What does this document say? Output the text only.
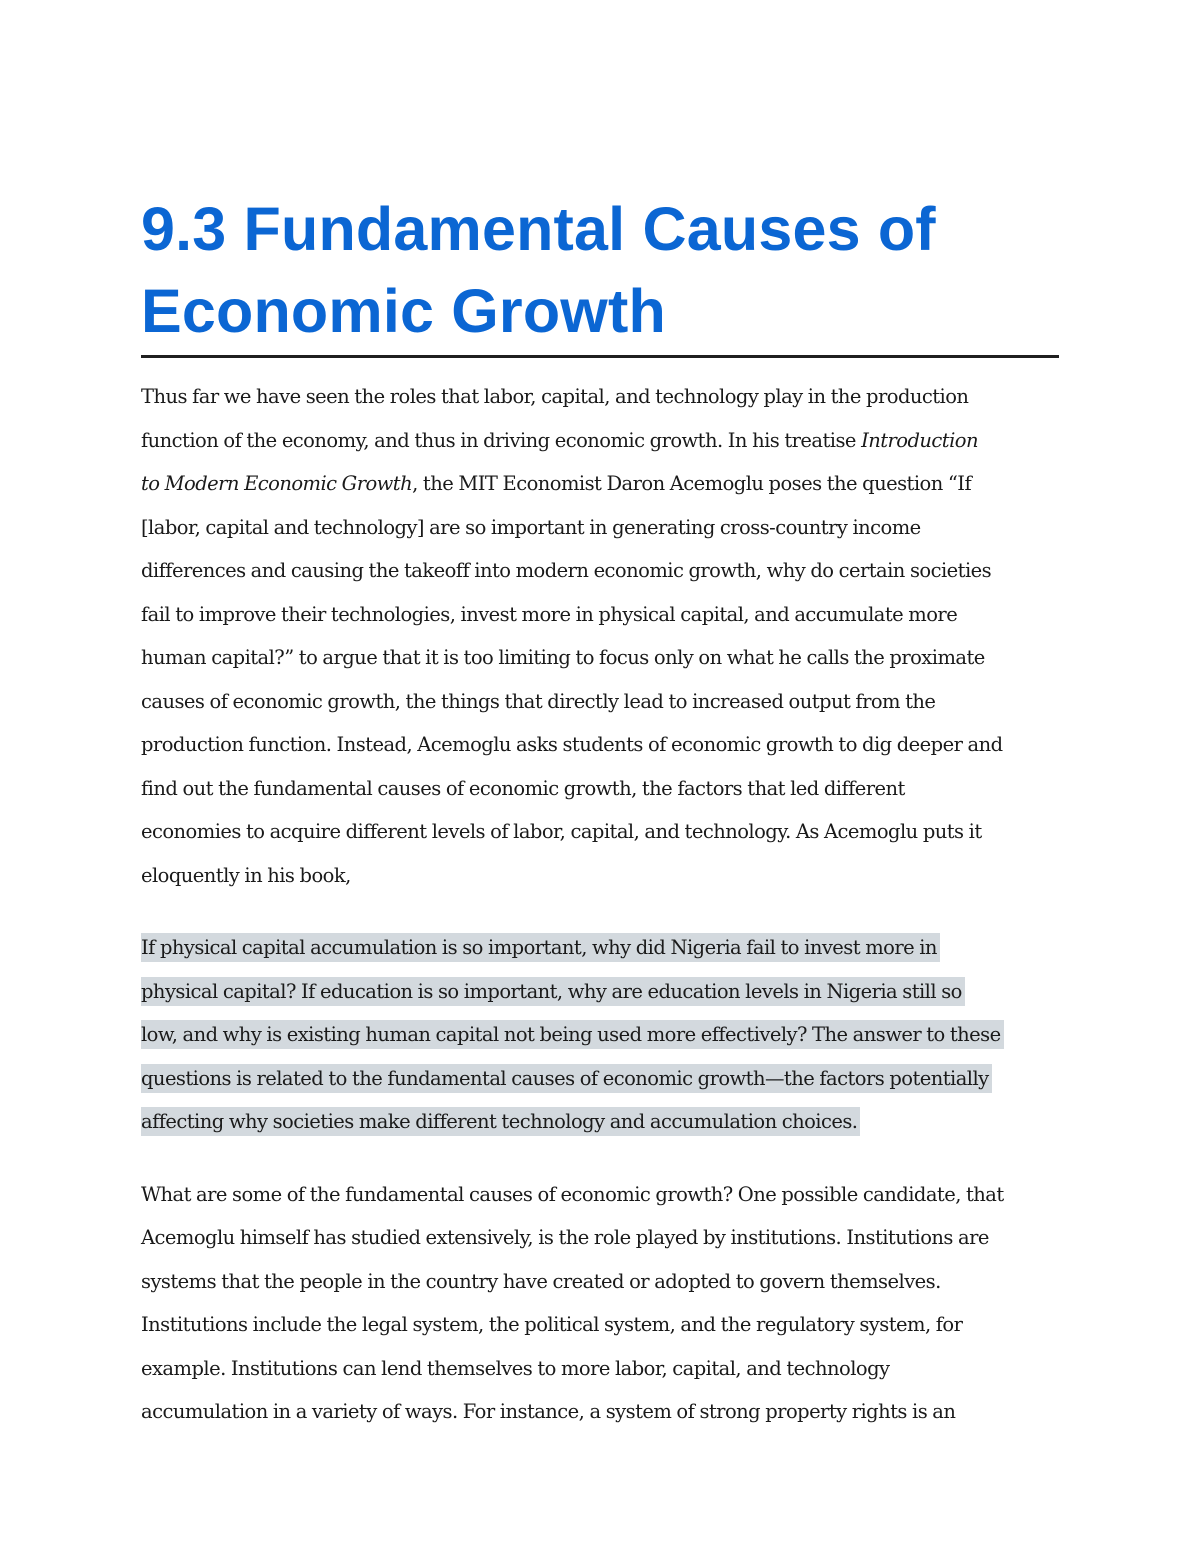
9.3 Fundamental Causes of
Economic Growth
Thus far we have seen the roles that labor, capital, and technology play in the production
function of the economy, and thus in driving economic growth. In his treatise Introduction
to Modern Economic Growth, the MIT Economist Daron Acemoglu poses the question “If
[labor, capital and technology] are so important in generating cross-country income
differences and causing the takeoff into modern economic growth, why do certain societies
fail to improve their technologies, invest more in physical capital, and accumulate more
human capital?” to argue that it is too limiting to focus only on what he calls the proximate
causes of economic growth, the things that directly lead to increased output from the
production function. Instead, Acemoglu asks students of economic growth to dig deeper and
find out the fundamental causes of economic growth, the factors that led different
economies to acquire different levels of labor, capital, and technology. As Acemoglu puts it
eloquently in his book,
If physical capital accumulation is so important, why did Nigeria fail to invest more in
physical capital? If education is so important, why are education levels in Nigeria still so
low, and why is existing human capital not being used more effectively? The answer to these
questions is related to the fundamental causes of economic growth—the factors potentially
affecting why societies make different technology and accumulation choices.
What are some of the fundamental causes of economic growth? One possible candidate, that
Acemoglu himself has studied extensively, is the role played by institutions. Institutions are
systems that the people in the country have created or adopted to govern themselves.
Institutions include the legal system, the political system, and the regulatory system, for
example. Institutions can lend themselves to more labor, capital, and technology
accumulation in a variety of ways. For instance, a system of strong property rights is an
